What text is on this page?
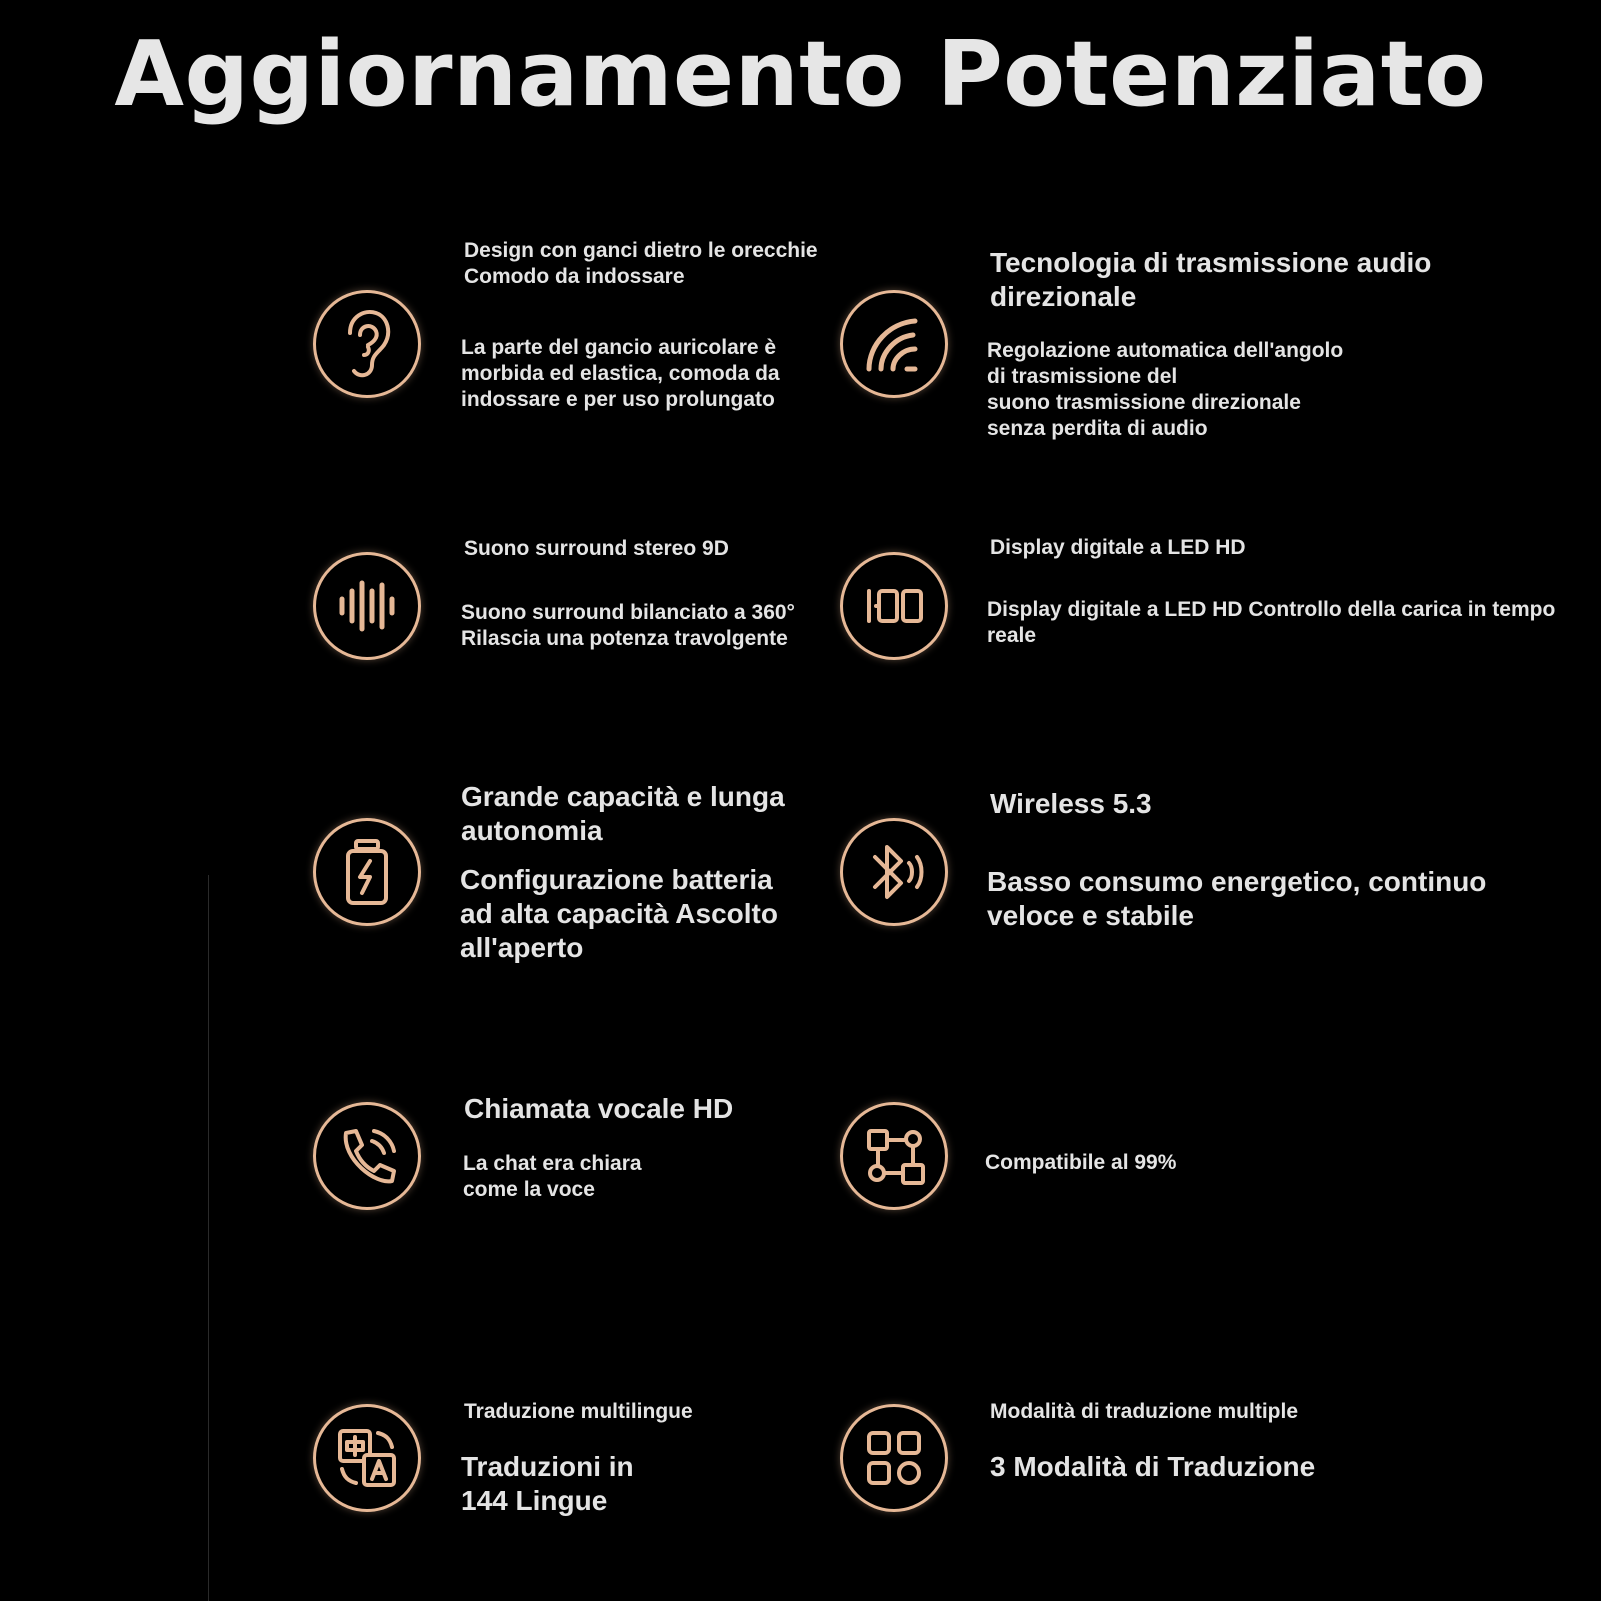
Aggiornamento Potenziato
Design con ganci dietro le orecchie
Comodo da indossare
La parte del gancio auricolare è
morbida ed elastica, comoda da
indossare e per uso prolungato
Tecnologia di trasmissione audio
direzionale
Regolazione automatica dell'angolo
di trasmissione del
suono trasmissione direzionale
senza perdita di audio
Suono surround stereo 9D
Suono surround bilanciato a 360°
Rilascia una potenza travolgente
Display digitale a LED HD
Display digitale a LED HD Controllo della carica in tempo
reale
Grande capacità e lunga
autonomia
Configurazione batteria
ad alta capacità Ascolto
all'aperto
Wireless 5.3
Basso consumo energetico, continuo
veloce e stabile
Chiamata vocale HD
La chat era chiara
come la voce
Compatibile al 99%
Traduzione multilingue
Traduzioni in
144 Lingue
Modalità di traduzione multiple
3 Modalità di Traduzione
